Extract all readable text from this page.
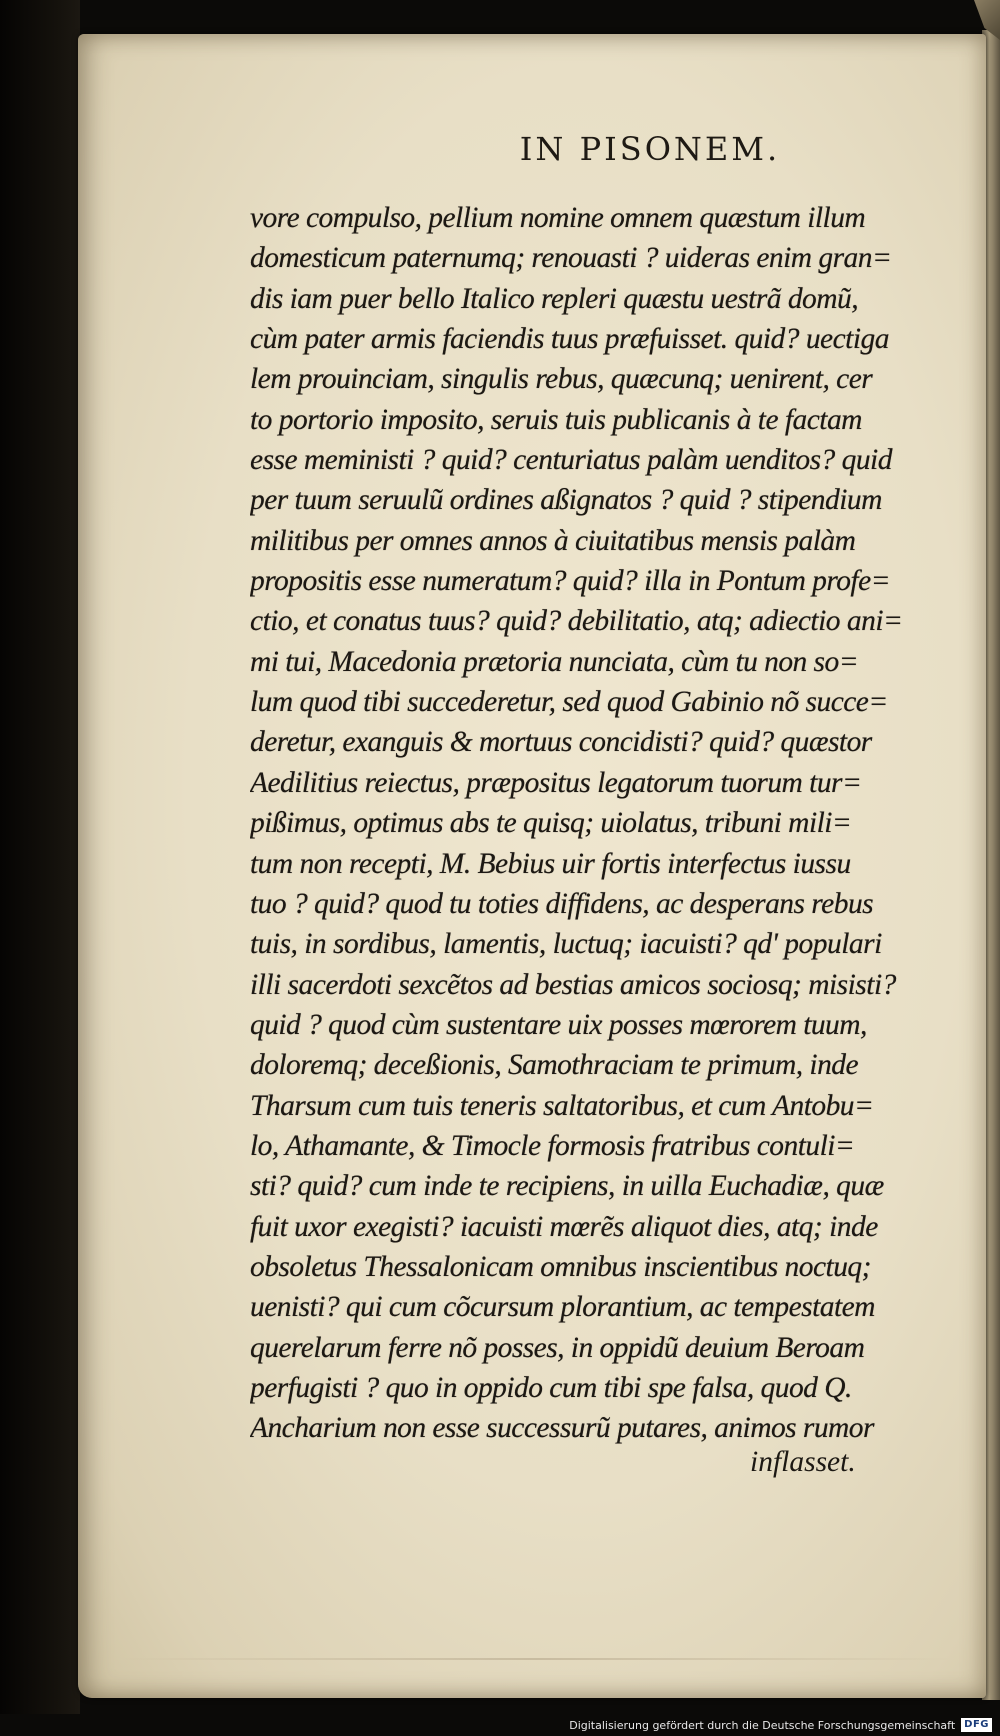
IN PISONEM.
vore compulso, pellium nomine omnem quæstum illum
domesticum paternumq; renouasti ? uideras enim gran=
dis iam puer bello Italico repleri quæstu uestrã domũ,
cùm pater armis faciendis tuus præfuisset. quid? uectiga
lem prouinciam, singulis rebus, quæcunq; uenirent, cer
to portorio imposito, seruis tuis publicanis à te factam
esse meministi ? quid? centuriatus palàm uenditos? quid
per tuum seruulũ ordines aßignatos ? quid ? stipendium
militibus per omnes annos à ciuitatibus mensis palàm
propositis esse numeratum? quid? illa in Pontum profe=
ctio, et conatus tuus? quid? debilitatio, atq; adiectio ani=
mi tui, Macedonia prætoria nunciata, cùm tu non so=
lum quod tibi succederetur, sed quod Gabinio nõ succe=
deretur, exanguis & mortuus concidisti? quid? quæstor
Aedilitius reiectus, præpositus legatorum tuorum tur=
pißimus, optimus abs te quisq; uiolatus, tribuni mili=
tum non recepti, M. Bebius uir fortis interfectus iussu
tuo ? quid? quod tu toties diffidens, ac desperans rebus
tuis, in sordibus, lamentis, luctuq; iacuisti? qd' populari
illi sacerdoti sexcẽtos ad bestias amicos sociosq; misisti?
quid ? quod cùm sustentare uix posses mœrorem tuum,
doloremq; deceßionis, Samothraciam te primum, inde
Tharsum cum tuis teneris saltatoribus, et cum Antobu=
lo, Athamante, & Timocle formosis fratribus contuli=
sti? quid? cum inde te recipiens, in uilla Euchadiæ, quæ
fuit uxor exegisti? iacuisti mœrẽs aliquot dies, atq; inde
obsoletus Thessalonicam omnibus inscientibus noctuq;
uenisti? qui cum cõcursum plorantium, ac tempestatem
querelarum ferre nõ posses, in oppidũ deuium Beroam
perfugisti ? quo in oppido cum tibi spe falsa, quod Q.
Ancharium non esse successurũ putares, animos rumor
inflasset.
Digitalisierung gefördert durch die Deutsche Forschungsgemeinschaft DFG
